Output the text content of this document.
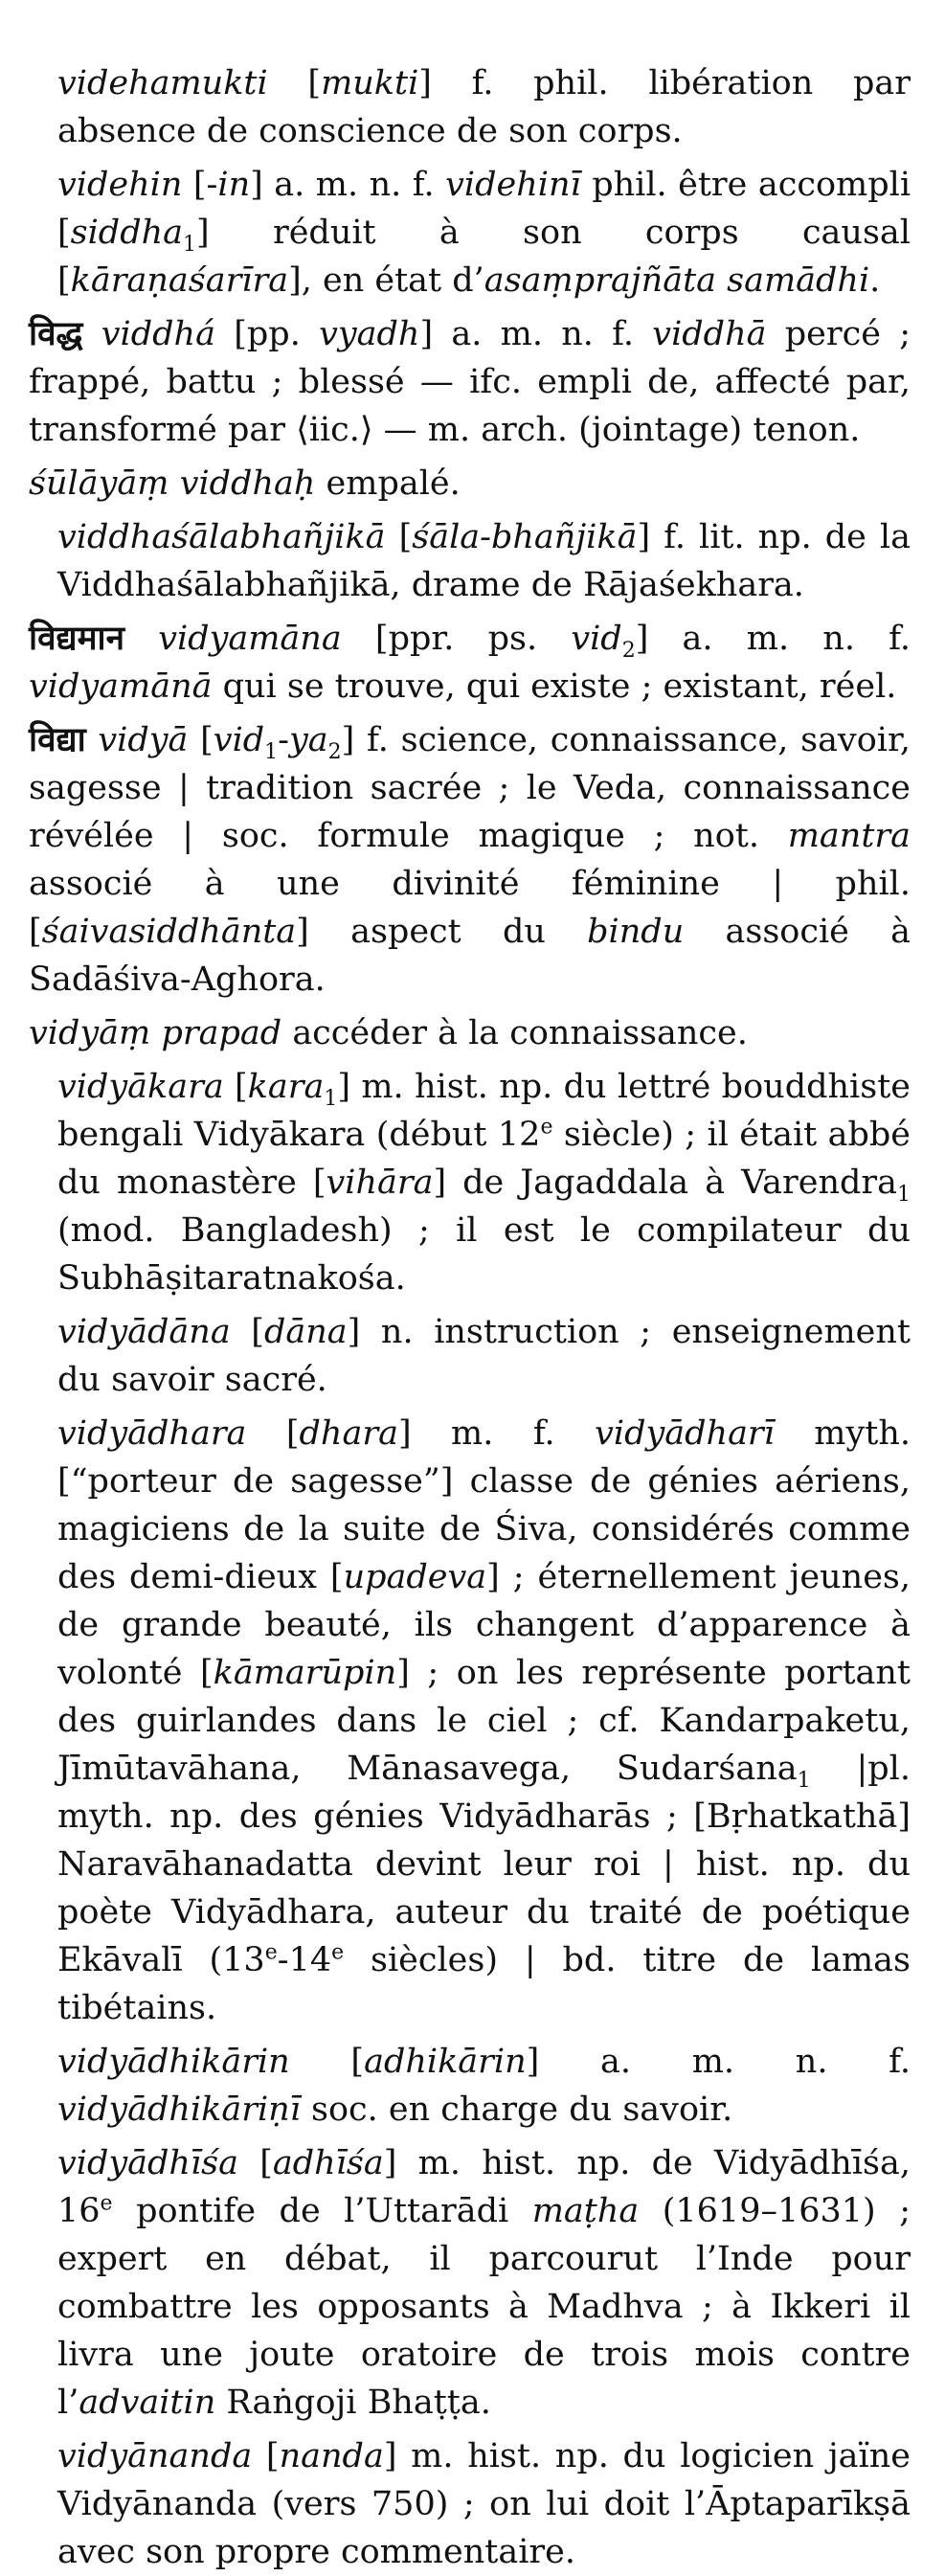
videhamukti [mukti] f. phil. libération par absence de conscience de son corps.

videhin [-in] a. m. n. f. videhinī phil. être accompli [siddha$_1$] réduit à son corps causal [kāraṇaśarīra], en état d’asaṃprajñāta samādhi.

विद्ध viddhá [pp. vyadh] a. m. n. f. viddhā percé ; frappé, battu ; blessé — ifc. empli de, affecté par, transformé par ⟨iic.⟩ — m. arch. (jointage) tenon.

śūlāyāṃ viddhaḥ empalé.

viddhaśālabhañjikā [śāla-bhañjikā] f. lit. np. de la Viddhaśālabhañjikā, drame de Rājaśekhara.

विद्यमान vidyamāna [ppr. ps. vid$_2$] a. m. n. f. vidyamānā qui se trouve, qui existe ; existant, réel.

विद्या vidyā $[vid_1-ya_2]$ f. science, connaissance, savoir, sagesse | tradition sacrée ; le Veda, connaissance révélée | soc. formule magique ; not. mantra associé à une divinité féminine | phil. [śaivasiddhānta] aspect du bindu associé à Sadāśiva-Aghora.

vidyāṃ prapad accéder à la connaissance.

vidyākara [kara$_1$] m. hist. np. du lettré bouddhiste bengali Vidyākara (début 12e siècle) ; il était abbé du monastère [vihāra] de Jagaddala à Varendra$_1$ (mod. Bangladesh) ; il est le compilateur du Subhāṣitaratnakośa.

vidyādāna [dāna] n. instruction ; enseignement du savoir sacré.

vidyādhara [dhara] m. f. vidyādharī myth. [“porteur de sagesse”] classe de génies aériens, magiciens de la suite de Śiva, considérés comme des demi-dieux [upadeva] ; éternellement jeunes, de grande beauté, ils changent d’apparence à volonté [kāmarūpin] ; on les représente portant des guirlandes dans le ciel ; cf. Kandarpaketu, Jīmūtavāhana, Mānasavega, Sudarśana$_1$ |pl. myth. np. des génies Vidyādharās ; [Bṛhatkathā] Naravāhanadatta devint leur roi | hist. np. du poète Vidyādhara, auteur du traité de poétique Ekāvalī (13e-14e siècles) | bd. titre de lamas tibétains.

vidyādhikārin [adhikārin] a. m. n. f. vidyādhikāriṇī soc. en charge du savoir.

vidyādhīśa [adhīśa] m. hist. np. de Vidyādhīśa, 16e pontife de l’Uttarādi maṭha (1619–1631) ; expert en débat, il parcourut l’Inde pour combattre les opposants à Madhva ; à Ikkeri il livra une joute oratoire de trois mois contre l’advaitin Raṅgoji Bhaṭṭa.

vidyānanda [nanda] m. hist. np. du logicien jaïne Vidyānanda (vers 750) ; on lui doit l’Āptaparīkṣā avec son propre commentaire.
